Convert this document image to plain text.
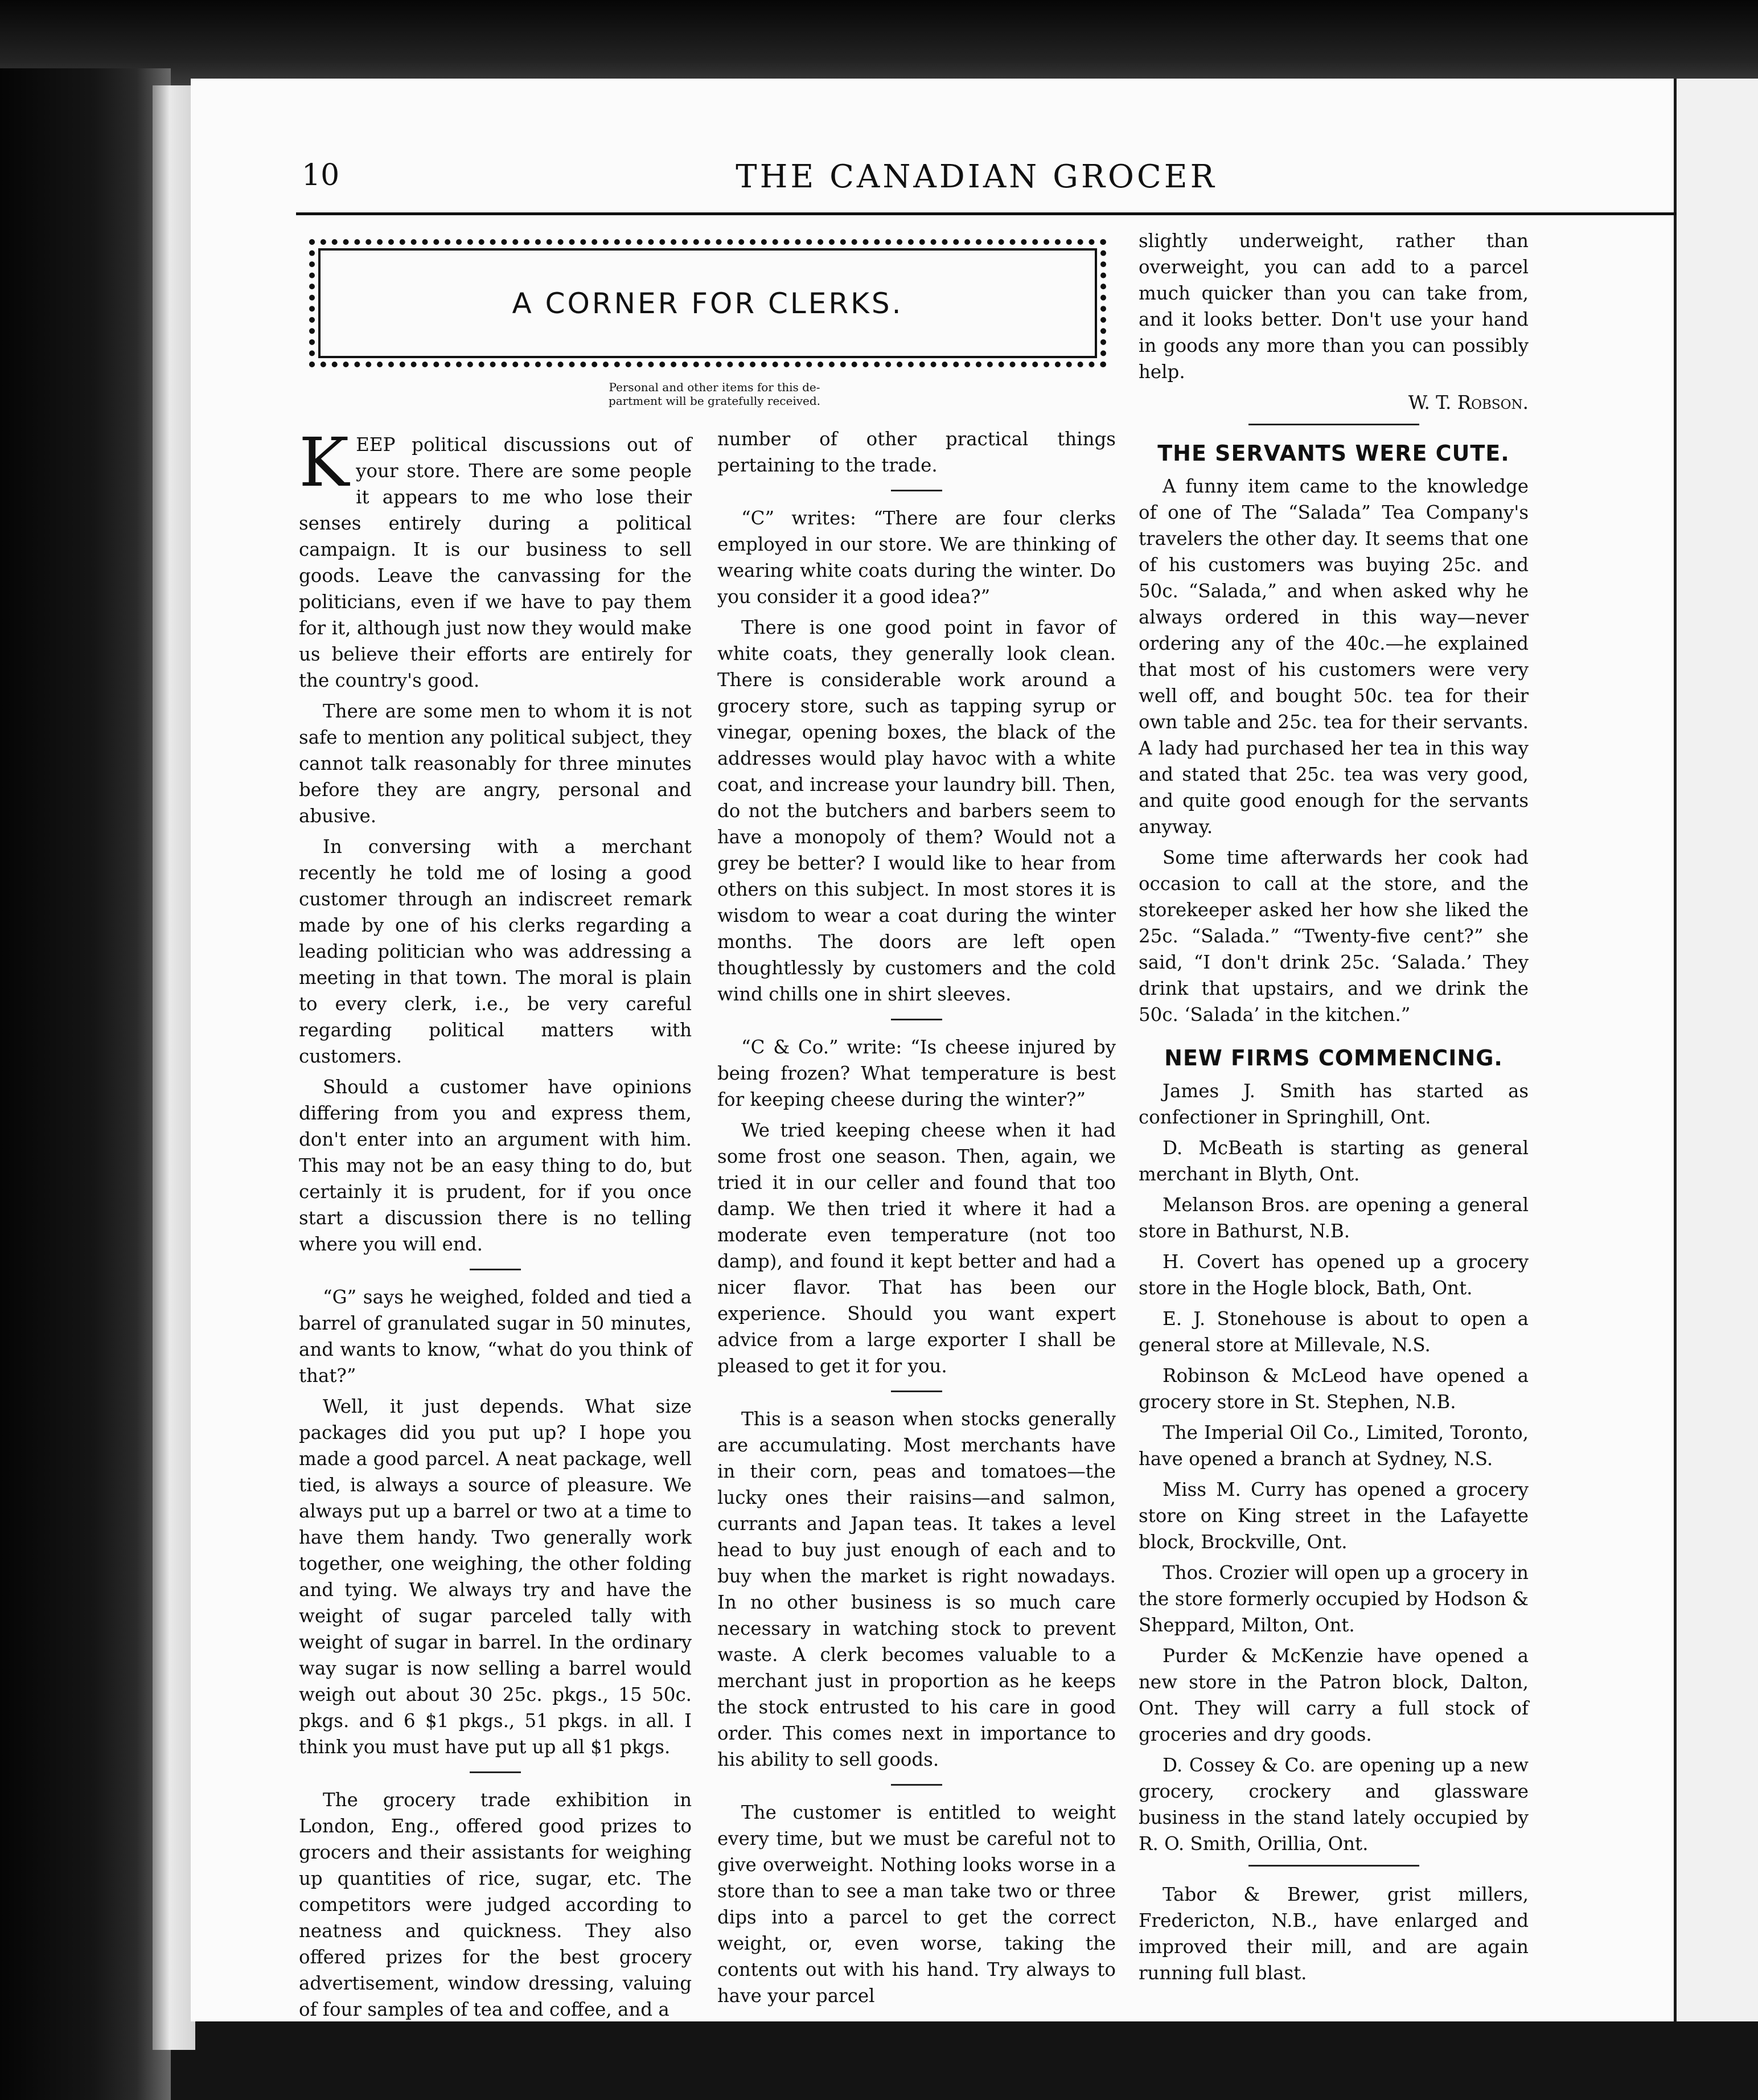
10	THE CANADIAN GROCER
A CORNER FOR CLERKS.
Personal and other items for this de-
partment will be gratefully received.

KEEP political discussions out of your store. There are some people it appears to me who lose their senses entirely during a political campaign. It is our business to sell goods. Leave the canvassing for the politicians, even if we have to pay them for it, although just now they would make us believe their efforts are entirely for the country's good.

There are some men to whom it is not safe to mention any political subject, they cannot talk reasonably for three minutes before they are angry, personal and abusive.

In conversing with a merchant recently he told me of losing a good customer through an indiscreet remark made by one of his clerks regarding a leading politician who was addressing a meeting in that town. The moral is plain to every clerk, i.e., be very careful regarding political matters with customers.

Should a customer have opinions differing from you and express them, don't enter into an argument with him. This may not be an easy thing to do, but certainly it is prudent, for if you once start a discussion there is no telling where you will end.

“G” says he weighed, folded and tied a barrel of granulated sugar in 50 minutes, and wants to know, “what do you think of that?”

Well, it just depends. What size packages did you put up? I hope you made a good parcel. A neat package, well tied, is always a source of pleasure. We always put up a barrel or two at a time to have them handy. Two generally work together, one weighing, the other folding and tying. We always try and have the weight of sugar parceled tally with weight of sugar in barrel. In the ordinary way sugar is now selling a barrel would weigh out about 30 25c. pkgs., 15 50c. pkgs. and 6 $1 pkgs., 51 pkgs. in all. I think you must have put up all $1 pkgs.

The grocery trade exhibition in London, Eng., offered good prizes to grocers and their assistants for weighing up quantities of rice, sugar, etc. The competitors were judged according to neatness and quickness. They also offered prizes for the best grocery advertisement, window dressing, valuing of four samples of tea and coffee, and a

number of other practical things pertaining to the trade.

“C” writes: “There are four clerks employed in our store. We are thinking of wearing white coats during the winter. Do you consider it a good idea?”

There is one good point in favor of white coats, they generally look clean. There is considerable work around a grocery store, such as tapping syrup or vinegar, opening boxes, the black of the addresses would play havoc with a white coat, and increase your laundry bill. Then, do not the butchers and barbers seem to have a monopoly of them? Would not a grey be better? I would like to hear from others on this subject. In most stores it is wisdom to wear a coat during the winter months. The doors are left open thoughtlessly by customers and the cold wind chills one in shirt sleeves.

“C & Co.” write: “Is cheese injured by being frozen? What temperature is best for keeping cheese during the winter?”

We tried keeping cheese when it had some frost one season. Then, again, we tried it in our celler and found that too damp. We then tried it where it had a moderate even temperature (not too damp), and found it kept better and had a nicer flavor. That has been our experience. Should you want expert advice from a large exporter I shall be pleased to get it for you.

This is a season when stocks generally are accumulating. Most merchants have in their corn, peas and tomatoes—the lucky ones their raisins—and salmon, currants and Japan teas. It takes a level head to buy just enough of each and to buy when the market is right nowadays. In no other business is so much care necessary in watching stock to prevent waste. A clerk becomes valuable to a merchant just in proportion as he keeps the stock entrusted to his care in good order. This comes next in importance to his ability to sell goods.

The customer is entitled to weight every time, but we must be careful not to give overweight. Nothing looks worse in a store than to see a man take two or three dips into a parcel to get the correct weight, or, even worse, taking the contents out with his hand. Try always to have your parcel

slightly underweight, rather than overweight, you can add to a parcel much quicker than you can take from, and it looks better. Don't use your hand in goods any more than you can possibly help.

W. T. Robson.

THE SERVANTS WERE CUTE.

A funny item came to the knowledge of one of The “Salada” Tea Company's travelers the other day. It seems that one of his customers was buying 25c. and 50c. “Salada,” and when asked why he always ordered in this way—never ordering any of the 40c.—he explained that most of his customers were very well off, and bought 50c. tea for their own table and 25c. tea for their servants. A lady had purchased her tea in this way and stated that 25c. tea was very good, and quite good enough for the servants anyway.

Some time afterwards her cook had occasion to call at the store, and the storekeeper asked her how she liked the 25c. “Salada.” “Twenty-five cent?” she said, “I don't drink 25c. ‘Salada.’ They drink that upstairs, and we drink the 50c. ‘Salada’ in the kitchen.”

NEW FIRMS COMMENCING.

James J. Smith has started as confectioner in Springhill, Ont.

D. McBeath is starting as general merchant in Blyth, Ont.

Melanson Bros. are opening a general store in Bathurst, N.B.

H. Covert has opened up a grocery store in the Hogle block, Bath, Ont.

E. J. Stonehouse is about to open a general store at Millevale, N.S.

Robinson & McLeod have opened a grocery store in St. Stephen, N.B.

The Imperial Oil Co., Limited, Toronto, have opened a branch at Sydney, N.S.

Miss M. Curry has opened a grocery store on King street in the Lafayette block, Brockville, Ont.

Thos. Crozier will open up a grocery in the store formerly occupied by Hodson & Sheppard, Milton, Ont.

Purder & McKenzie have opened a new store in the Patron block, Dalton, Ont. They will carry a full stock of groceries and dry goods.

D. Cossey & Co. are opening up a new grocery, crockery and glassware business in the stand lately occupied by R. O. Smith, Orillia, Ont.

Tabor & Brewer, grist millers, Fredericton, N.B., have enlarged and improved their mill, and are again running full blast.
